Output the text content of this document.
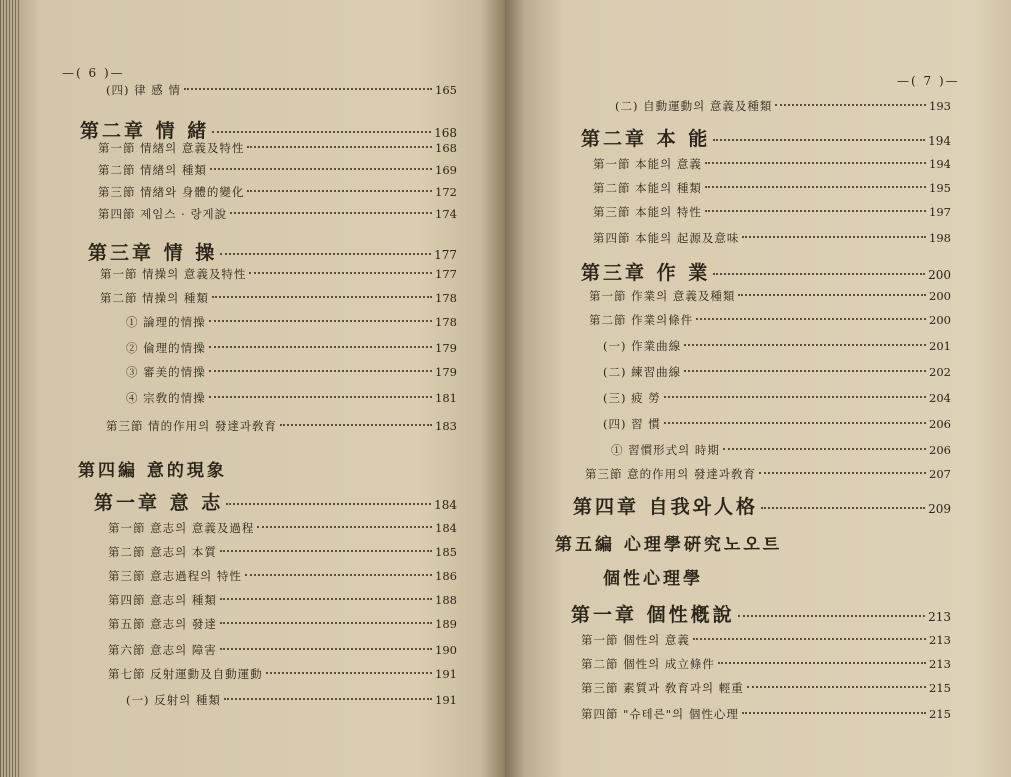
—( 6 )—
(四) 律 感 情	165
第二章 情 緒	168
第一節 情緖의 意義及特性	168
第二節 情緖의 種類	169
第三節 情緖와 身體的變化	172
第四節 제임스 · 랑게說	174
第三章 情 操	177
第一節 情操의 意義及特性	177
第二節 情操의 種類	178
① 論理的情操	178
② 倫理的情操	179
③ 審美的情操	179
④ 宗敎的情操	181
第三節 情的作用의 發達과敎育	183
第四編 意的現象
第一章 意 志	184
第一節 意志의 意義及過程	184
第二節 意志의 本質	185
第三節 意志過程의 特性	186
第四節 意志의 種類	188
第五節 意志의 發達	189
第六節 意志의 障害	190
第七節 反射運動及自動運動	191
(一) 反射의 種類	191
—( 7 )—
(二) 自動運動의 意義及種類	193
第二章 本 能	194
第一節 本能의 意義	194
第二節 本能의 種類	195
第三節 本能의 特性	197
第四節 本能의 起源及意味	198
第三章 作 業	200
第一節 作業의 意義及種類	200
第二節 作業의條件	200
(一) 作業曲線	201
(二) 練習曲線	202
(三) 疲 勞	204
(四) 習 慣	206
① 習慣形式의 時期	206
第三節 意的作用의 發達과敎育	207
第四章 自我와人格	209
第五編 心理學硏究노오트
個性心理學
第一章 個性槪說	213
第一節 個性의 意義	213
第二節 個性의 成立條件	213
第三節 素質과 敎育과의 輕重	215
第四節 "슈테른"의 個性心理	215
